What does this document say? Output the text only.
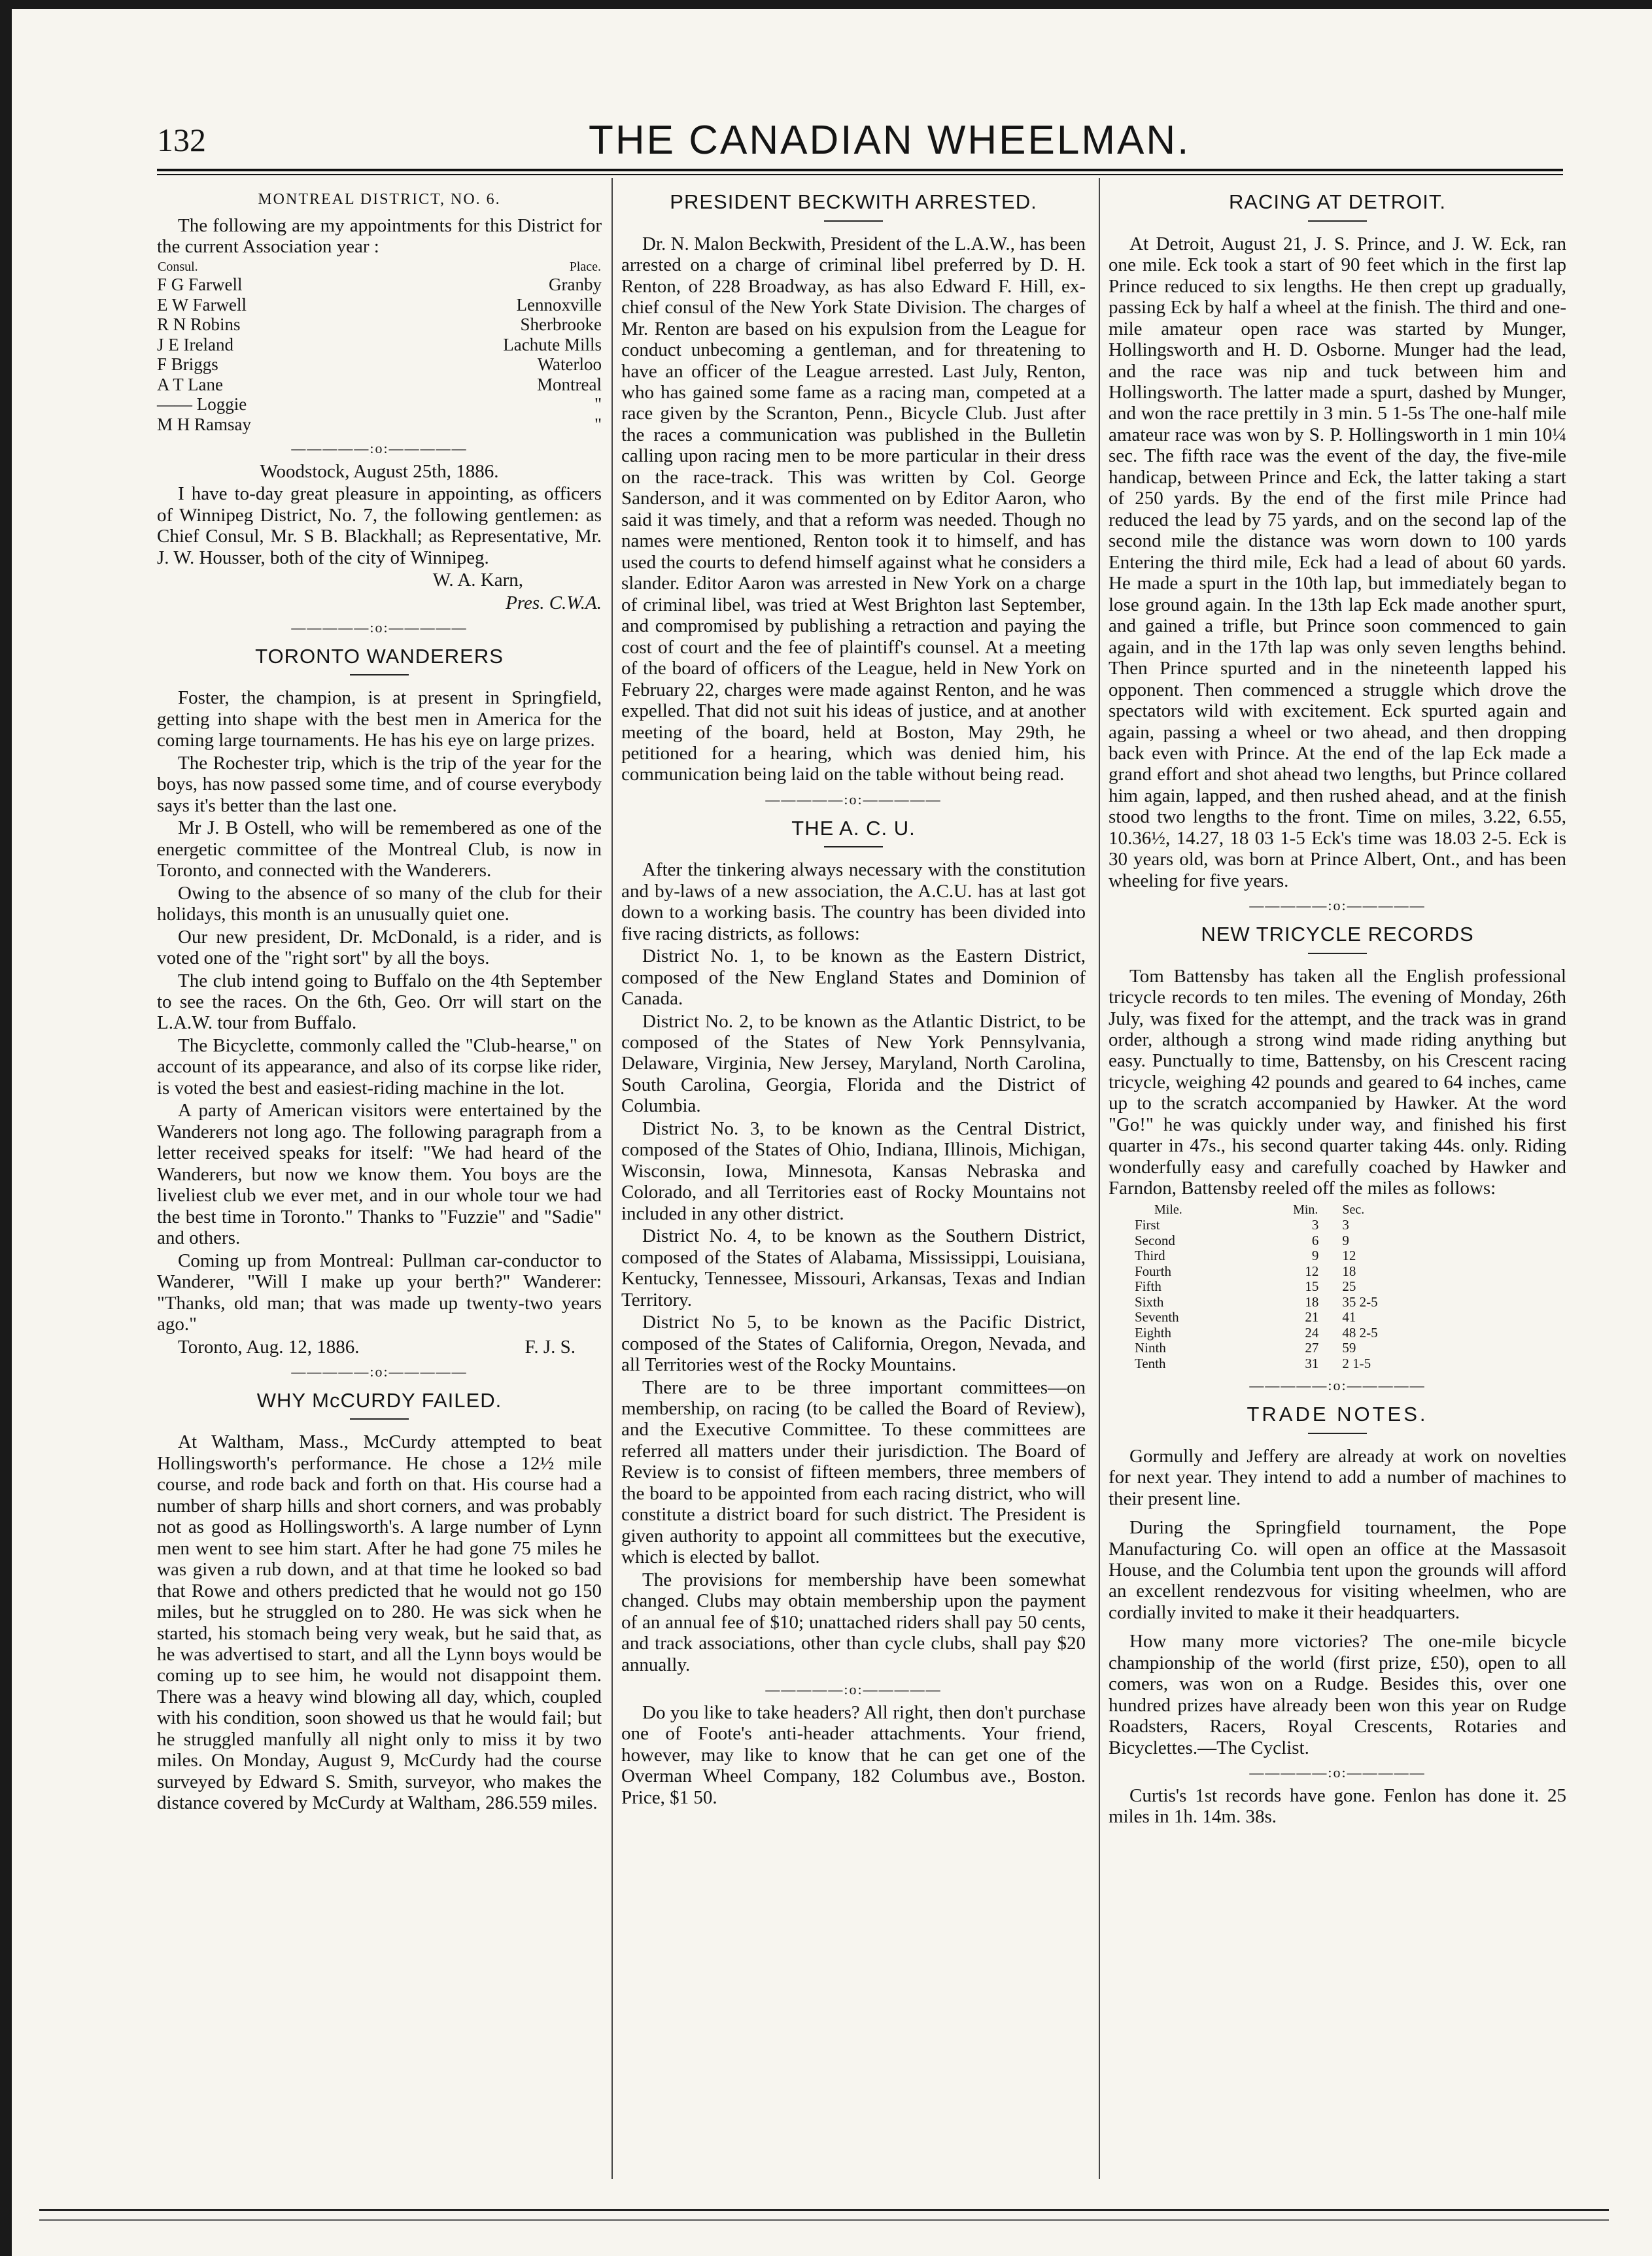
132	THE CANADIAN WHEELMAN.
MONTREAL DISTRICT, NO. 6.

The following are my appointments for this District for the current Association year :

Consul.	Place.
F G Farwell	Granby
E W Farwell	Lennoxville
R N Robins	Sherbrooke
J E Ireland	Lachute Mills
F Briggs	Waterloo
A T Lane	Montreal
—— Loggie	"
M H Ramsay	"
—————:o:—————

Woodstock, August 25th, 1886.

I have to-day great pleasure in appointing, as officers of Winnipeg District, No. 7, the following gentlemen: as Chief Consul, Mr. S B. Blackhall; as Representative, Mr. J. W. Housser, both of the city of Winnipeg.

W. A. Karn,

Pres. C.W.A.

—————:o:—————
TORONTO WANDERERS

Foster, the champion, is at present in Springfield, getting into shape with the best men in America for the coming large tournaments. He has his eye on large prizes.

The Rochester trip, which is the trip of the year for the boys, has now passed some time, and of course everybody says it's better than the last one.

Mr J. B Ostell, who will be remembered as one of the energetic committee of the Montreal Club, is now in Toronto, and connected with the Wanderers.

Owing to the absence of so many of the club for their holidays, this month is an unusually quiet one.

Our new president, Dr. McDonald, is a rider, and is voted one of the "right sort" by all the boys.

The club intend going to Buffalo on the 4th September to see the races. On the 6th, Geo. Orr will start on the L.A.W. tour from Buffalo.

The Bicyclette, commonly called the "Club-hearse," on account of its appearance, and also of its corpse like rider, is voted the best and easiest-riding machine in the lot.

A party of American visitors were entertained by the Wanderers not long ago. The following paragraph from a letter received speaks for itself: "We had heard of the Wanderers, but now we know them. You boys are the liveliest club we ever met, and in our whole tour we had the best time in Toronto." Thanks to "Fuzzie" and "Sadie" and others.

Coming up from Montreal: Pullman car-conductor to Wanderer, "Will I make up your berth?" Wanderer: "Thanks, old man; that was made up twenty-two years ago."

Toronto, Aug. 12, 1886.	F. J. S.

—————:o:—————
WHY McCURDY FAILED.

At Waltham, Mass., McCurdy attempted to beat Hollingsworth's performance. He chose a 12½ mile course, and rode back and forth on that. His course had a number of sharp hills and short corners, and was probably not as good as Hollingsworth's. A large number of Lynn men went to see him start. After he had gone 75 miles he was given a rub down, and at that time he looked so bad that Rowe and others predicted that he would not go 150 miles, but he struggled on to 280. He was sick when he started, his stomach being very weak, but he said that, as he was advertised to start, and all the Lynn boys would be coming up to see him, he would not disappoint them. There was a heavy wind blowing all day, which, coupled with his condition, soon showed us that he would fail; but he struggled manfully all night only to miss it by two miles. On Monday, August 9, McCurdy had the course surveyed by Edward S. Smith, surveyor, who makes the distance covered by McCurdy at Waltham, 286.559 miles.

PRESIDENT BECKWITH ARRESTED.

Dr. N. Malon Beckwith, President of the L.A.W., has been arrested on a charge of criminal libel preferred by D. H. Renton, of 228 Broadway, as has also Edward F. Hill, ex-chief consul of the New York State Division. The charges of Mr. Renton are based on his expulsion from the League for conduct unbecoming a gentleman, and for threatening to have an officer of the League arrested. Last July, Renton, who has gained some fame as a racing man, competed at a race given by the Scranton, Penn., Bicycle Club. Just after the races a communication was published in the Bulletin calling upon racing men to be more particular in their dress on the race-track. This was written by Col. George Sanderson, and it was commented on by Editor Aaron, who said it was timely, and that a reform was needed. Though no names were mentioned, Renton took it to himself, and has used the courts to defend himself against what he considers a slander. Editor Aaron was arrested in New York on a charge of criminal libel, was tried at West Brighton last September, and compromised by publishing a retraction and paying the cost of court and the fee of plaintiff's counsel. At a meeting of the board of officers of the League, held in New York on February 22, charges were made against Renton, and he was expelled. That did not suit his ideas of justice, and at another meeting of the board, held at Boston, May 29th, he petitioned for a hearing, which was denied him, his communication being laid on the table without being read.

—————:o:—————
THE A. C. U.

After the tinkering always necessary with the constitution and by-laws of a new association, the A.C.U. has at last got down to a working basis. The country has been divided into five racing districts, as follows:

District No. 1, to be known as the Eastern District, composed of the New England States and Dominion of Canada.

District No. 2, to be known as the Atlantic District, to be composed of the States of New York Pennsylvania, Delaware, Virginia, New Jersey, Maryland, North Carolina, South Carolina, Georgia, Florida and the District of Columbia.

District No. 3, to be known as the Central District, composed of the States of Ohio, Indiana, Illinois, Michigan, Wisconsin, Iowa, Minnesota, Kansas Nebraska and Colorado, and all Territories east of Rocky Mountains not included in any other district.

District No. 4, to be known as the Southern District, composed of the States of Alabama, Mississippi, Louisiana, Kentucky, Tennessee, Missouri, Arkansas, Texas and Indian Territory.

District No 5, to be known as the Pacific District, composed of the States of California, Oregon, Nevada, and all Territories west of the Rocky Mountains.

There are to be three important committees—on membership, on racing (to be called the Board of Review), and the Executive Committee. To these committees are referred all matters under their jurisdiction. The Board of Review is to consist of fifteen members, three members of the board to be appointed from each racing district, who will constitute a district board for such district. The President is given authority to appoint all committees but the executive, which is elected by ballot.

The provisions for membership have been somewhat changed. Clubs may obtain membership upon the payment of an annual fee of $10; unattached riders shall pay 50 cents, and track associations, other than cycle clubs, shall pay $20 annually.

—————:o:—————

Do you like to take headers? All right, then don't purchase one of Foote's anti-header attachments. Your friend, however, may like to know that he can get one of the Overman Wheel Company, 182 Columbus ave., Boston. Price, $1 50.

RACING AT DETROIT.

At Detroit, August 21, J. S. Prince, and J. W. Eck, ran one mile. Eck took a start of 90 feet which in the first lap Prince reduced to six lengths. He then crept up gradually, passing Eck by half a wheel at the finish. The third and one-mile amateur open race was started by Munger, Hollingsworth and H. D. Osborne. Munger had the lead, and the race was nip and tuck between him and Hollingsworth. The latter made a spurt, dashed by Munger, and won the race prettily in 3 min. 5 1-5s The one-half mile amateur race was won by S. P. Hollingsworth in 1 min 10¼ sec. The fifth race was the event of the day, the five-mile handicap, between Prince and Eck, the latter taking a start of 250 yards. By the end of the first mile Prince had reduced the lead by 75 yards, and on the second lap of the second mile the distance was worn down to 100 yards Entering the third mile, Eck had a lead of about 60 yards. He made a spurt in the 10th lap, but immediately began to lose ground again. In the 13th lap Eck made another spurt, and gained a trifle, but Prince soon commenced to gain again, and in the 17th lap was only seven lengths behind. Then Prince spurted and in the nineteenth lapped his opponent. Then commenced a struggle which drove the spectators wild with excitement. Eck spurted again and again, passing a wheel or two ahead, and then dropping back even with Prince. At the end of the lap Eck made a grand effort and shot ahead two lengths, but Prince collared him again, lapped, and then rushed ahead, and at the finish stood two lengths to the front. Time on miles, 3.22, 6.55, 10.36½, 14.27, 18 03 1-5 Eck's time was 18.03 2-5. Eck is 30 years old, was born at Prince Albert, Ont., and has been wheeling for five years.

—————:o:—————
NEW TRICYCLE RECORDS

Tom Battensby has taken all the English professional tricycle records to ten miles. The evening of Monday, 26th July, was fixed for the attempt, and the track was in grand order, although a strong wind made riding anything but easy. Punctually to time, Battensby, on his Crescent racing tricycle, weighing 42 pounds and geared to 64 inches, came up to the scratch accompanied by Hawker. At the word "Go!" he was quickly under way, and finished his first quarter in 47s., his second quarter taking 44s. only. Riding wonderfully easy and carefully coached by Hawker and Farndon, Battensby reeled off the miles as follows:

Mile.	Min.	Sec.
First	3	3
Second	6	9
Third	9	12
Fourth	12	18
Fifth	15	25
Sixth	18	35 2-5
Seventh	21	41
Eighth	24	48 2-5
Ninth	27	59
Tenth	31	2 1-5
—————:o:—————
TRADE NOTES.

Gormully and Jeffery are already at work on novelties for next year. They intend to add a number of machines to their present line.

During the Springfield tournament, the Pope Manufacturing Co. will open an office at the Massasoit House, and the Columbia tent upon the grounds will afford an excellent rendezvous for visiting wheelmen, who are cordially invited to make it their headquarters.

How many more victories? The one-mile bicycle championship of the world (first prize, £50), open to all comers, was won on a Rudge. Besides this, over one hundred prizes have already been won this year on Rudge Roadsters, Racers, Royal Crescents, Rotaries and Bicyclettes.—The Cyclist.

—————:o:—————

Curtis's 1st records have gone. Fenlon has done it. 25 miles in 1h. 14m. 38s.
